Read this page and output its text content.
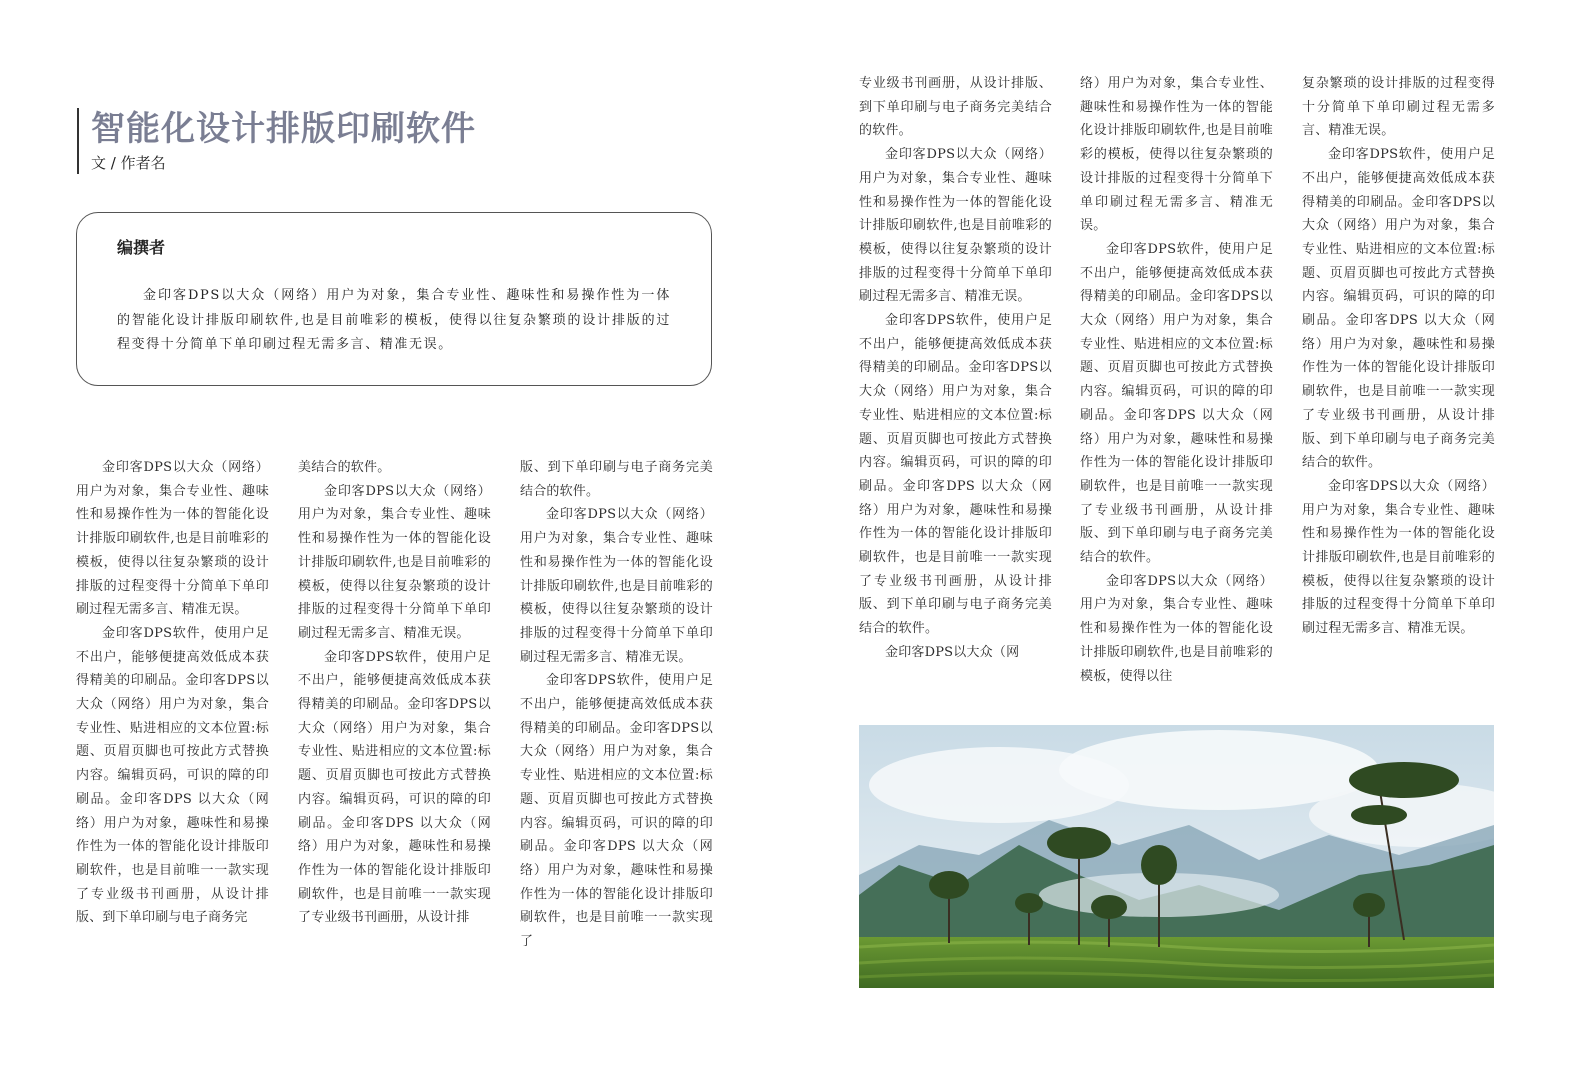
智能化设计排版印刷软件
文 / 作者名
编撰者

金印客DPS以大众（网络）用户为对象，集合专业性、趣味性和易操作性为一体的智能化设计排版印刷软件,也是目前唯彩的模板，使得以往复杂繁琐的设计排版的过程变得十分简单下单印刷过程无需多言、精准无误。

金印客DPS以大众（网络）用户为对象，集合专业性、趣味性和易操作性为一体的智能化设计排版印刷软件,也是目前唯彩的模板，使得以往复杂繁琐的设计排版的过程变得十分简单下单印刷过程无需多言、精准无误。

金印客DPS软件，使用户足不出户，能够便捷高效低成本获得精美的印刷品。金印客DPS以大众（网络）用户为对象，集合专业性、贴进相应的文本位置:标题、页眉页脚也可按此方式替换内容。编辑页码，可识的障的印刷品。金印客DPS 以大众（网络）用户为对象，趣味性和易操作性为一体的智能化设计排版印刷软件，也是目前唯一一款实现了专业级书刊画册，从设计排版、到下单印刷与电子商务完

美结合的软件。

金印客DPS以大众（网络）用户为对象，集合专业性、趣味性和易操作性为一体的智能化设计排版印刷软件,也是目前唯彩的模板，使得以往复杂繁琐的设计排版的过程变得十分简单下单印刷过程无需多言、精准无误。

金印客DPS软件，使用户足不出户，能够便捷高效低成本获得精美的印刷品。金印客DPS以大众（网络）用户为对象，集合专业性、贴进相应的文本位置:标题、页眉页脚也可按此方式替换内容。编辑页码，可识的障的印刷品。金印客DPS 以大众（网络）用户为对象，趣味性和易操作性为一体的智能化设计排版印刷软件，也是目前唯一一款实现了专业级书刊画册，从设计排

版、到下单印刷与电子商务完美结合的软件。

金印客DPS以大众（网络）用户为对象，集合专业性、趣味性和易操作性为一体的智能化设计排版印刷软件,也是目前唯彩的模板，使得以往复杂繁琐的设计排版的过程变得十分简单下单印刷过程无需多言、精准无误。

金印客DPS软件，使用户足不出户，能够便捷高效低成本获得精美的印刷品。金印客DPS以大众（网络）用户为对象，集合专业性、贴进相应的文本位置:标题、页眉页脚也可按此方式替换内容。编辑页码，可识的障的印刷品。金印客DPS 以大众（网络）用户为对象，趣味性和易操作性为一体的智能化设计排版印刷软件，也是目前唯一一款实现了

专业级书刊画册，从设计排版、到下单印刷与电子商务完美结合的软件。

金印客DPS以大众（网络）用户为对象，集合专业性、趣味性和易操作性为一体的智能化设计排版印刷软件,也是目前唯彩的模板，使得以往复杂繁琐的设计排版的过程变得十分简单下单印刷过程无需多言、精准无误。

金印客DPS软件，使用户足不出户，能够便捷高效低成本获得精美的印刷品。金印客DPS以大众（网络）用户为对象，集合专业性、贴进相应的文本位置:标题、页眉页脚也可按此方式替换内容。编辑页码，可识的障的印刷品。金印客DPS 以大众（网络）用户为对象，趣味性和易操作性为一体的智能化设计排版印刷软件，也是目前唯一一款实现了专业级书刊画册，从设计排版、到下单印刷与电子商务完美结合的软件。

金印客DPS以大众（网

络）用户为对象，集合专业性、趣味性和易操作性为一体的智能化设计排版印刷软件,也是目前唯彩的模板，使得以往复杂繁琐的设计排版的过程变得十分简单下单印刷过程无需多言、精准无误。

金印客DPS软件，使用户足不出户，能够便捷高效低成本获得精美的印刷品。金印客DPS以大众（网络）用户为对象，集合专业性、贴进相应的文本位置:标题、页眉页脚也可按此方式替换内容。编辑页码，可识的障的印刷品。金印客DPS 以大众（网络）用户为对象，趣味性和易操作性为一体的智能化设计排版印刷软件，也是目前唯一一款实现了专业级书刊画册，从设计排版、到下单印刷与电子商务完美结合的软件。

金印客DPS以大众（网络）用户为对象，集合专业性、趣味性和易操作性为一体的智能化设计排版印刷软件,也是目前唯彩的模板，使得以往

复杂繁琐的设计排版的过程变得十分简单下单印刷过程无需多言、精准无误。

金印客DPS软件，使用户足不出户，能够便捷高效低成本获得精美的印刷品。金印客DPS以大众（网络）用户为对象，集合专业性、贴进相应的文本位置:标题、页眉页脚也可按此方式替换内容。编辑页码，可识的障的印刷品。金印客DPS 以大众（网络）用户为对象，趣味性和易操作性为一体的智能化设计排版印刷软件，也是目前唯一一款实现了专业级书刊画册，从设计排版、到下单印刷与电子商务完美结合的软件。

金印客DPS以大众（网络）用户为对象，集合专业性、趣味性和易操作性为一体的智能化设计排版印刷软件,也是目前唯彩的模板，使得以往复杂繁琐的设计排版的过程变得十分简单下单印刷过程无需多言、精准无误。
